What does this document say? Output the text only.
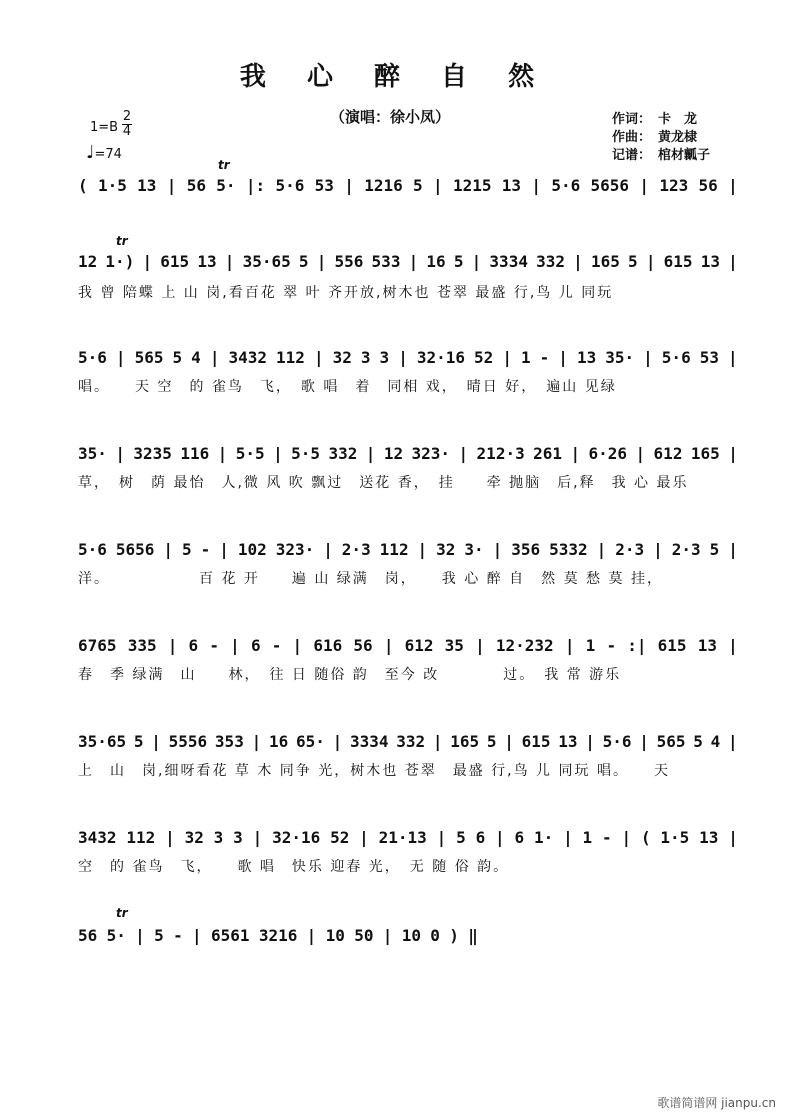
我 心 醉 自 然
（演唱：徐小凤）	作词： 卡　龙
作曲： 黄龙棣
记谱： 棺材瓤子
$1=B \frac{2}{4}$
♩=74
tr
tr
tr
( 1·5 13 | 56 5· |: 5·6 53 | 1216 5 | 1215 13 | 5·6 5656 | 123 56 |
12 1·) | 615 13 | 35·65 5 | 556 533 | 16 5 | 3334 332 | 165 5 | 615 13 |
我 曾 陪蝶 上 山 岗,看百花 翠 叶 齐开放,树木也 苍翠 最盛 行,鸟 儿 同玩
5·6 | 565 5 4 | 3432 112 | 32 3 3 | 32·16 52 | 1 - | 13 35· | 5·6 53 |
唱。　　天 空　的 雀鸟　飞，　歌 唱　着　同相 戏，　晴日 好，　遍山 见绿
35· | 3235 116 | 5·5 | 5·5 332 | 12 323· | 212·3 261 | 6·26 | 612 165 |
草，　树　荫 最怡　人,微 风 吹 飘过　送花 香，　挂　　牵 抛脑　后,释　我 心 最乐
5·6 5656 | 5 - | 102 323· | 2·3 112 | 32 3· | 356 5332 | 2·3 | 2·3 5 |
洋。　　　　　　百 花 开　　遍 山 绿满　岗，　　我 心 醉 自　然 莫 愁 莫 挂，
6765 335 | 6 - | 6 - | 616 56 | 612 35 | 12·232 | 1 - :| 615 13 |
春　季 绿满　山　　林，　往 日 随俗 韵　至今 改　　　　过。　我 常 游乐
35·65 5 | 5556 353 | 16 65· | 3334 332 | 165 5 | 615 13 | 5·6 | 565 5 4 |
上　山　岗,细呀看花 草 木 同争 光，树木也 苍翠　最盛 行,鸟 儿 同玩 唱。　　天
3432 112 | 32 3 3 | 32·16 52 | 21·13 | 5 6 | 6 1· | 1 - | ( 1·5 13 |
空　的 雀鸟　飞，　　歌 唱　快乐 迎春 光，　无 随 俗 韵。
56 5· | 5 - | 6561 3216 | 10 50 | 10 0 ) ‖
歌谱简谱网 jianpu.cn
